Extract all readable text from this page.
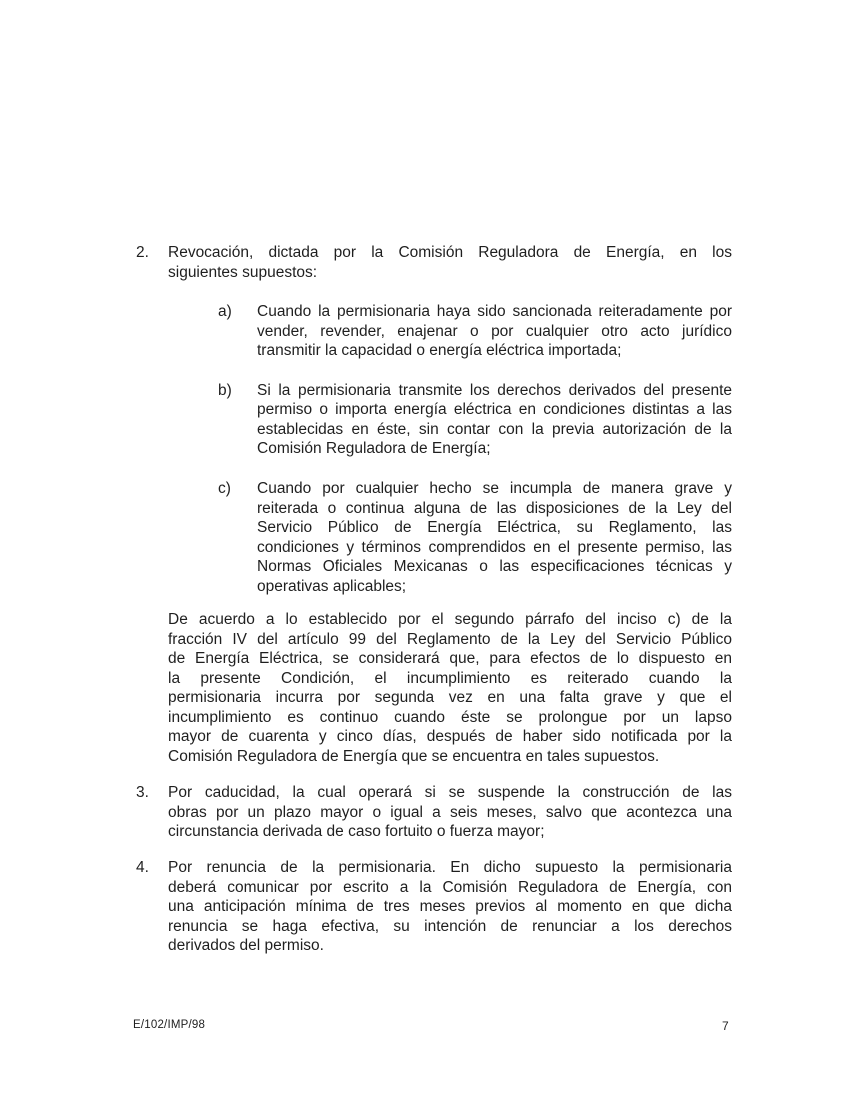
2. Revocación, dictada por la Comisión Reguladora de Energía, en los
siguientes supuestos:
a) Cuando la permisionaria haya sido sancionada reiteradamente por
vender, revender, enajenar o por cualquier otro acto jurídico
transmitir la capacidad o energía eléctrica importada;
b) Si la permisionaria transmite los derechos derivados del presente
permiso o importa energía eléctrica en condiciones distintas a las
establecidas en éste, sin contar con la previa autorización de la
Comisión Reguladora de Energía;
c) Cuando por cualquier hecho se incumpla de manera grave y
reiterada o continua alguna de las disposiciones de la Ley del
Servicio Público de Energía Eléctrica, su Reglamento, las
condiciones y términos comprendidos en el presente permiso, las
Normas Oficiales Mexicanas o las especificaciones técnicas y
operativas aplicables;
De acuerdo a lo establecido por el segundo párrafo del inciso c) de la
fracción IV del artículo 99 del Reglamento de la Ley del Servicio Público
de Energía Eléctrica, se considerará que, para efectos de lo dispuesto en
la presente Condición, el incumplimiento es reiterado cuando la
permisionaria incurra por segunda vez en una falta grave y que el
incumplimiento es continuo cuando éste se prolongue por un lapso
mayor de cuarenta y cinco días, después de haber sido notificada por la
Comisión Reguladora de Energía que se encuentra en tales supuestos.
3. Por caducidad, la cual operará si se suspende la construcción de las
obras por un plazo mayor o igual a seis meses, salvo que acontezca una
circunstancia derivada de caso fortuito o fuerza mayor;
4. Por renuncia de la permisionaria. En dicho supuesto la permisionaria
deberá comunicar por escrito a la Comisión Reguladora de Energía, con
una anticipación mínima de tres meses previos al momento en que dicha
renuncia se haga efectiva, su intención de renunciar a los derechos
derivados del permiso.
E/102/IMP/98	7
